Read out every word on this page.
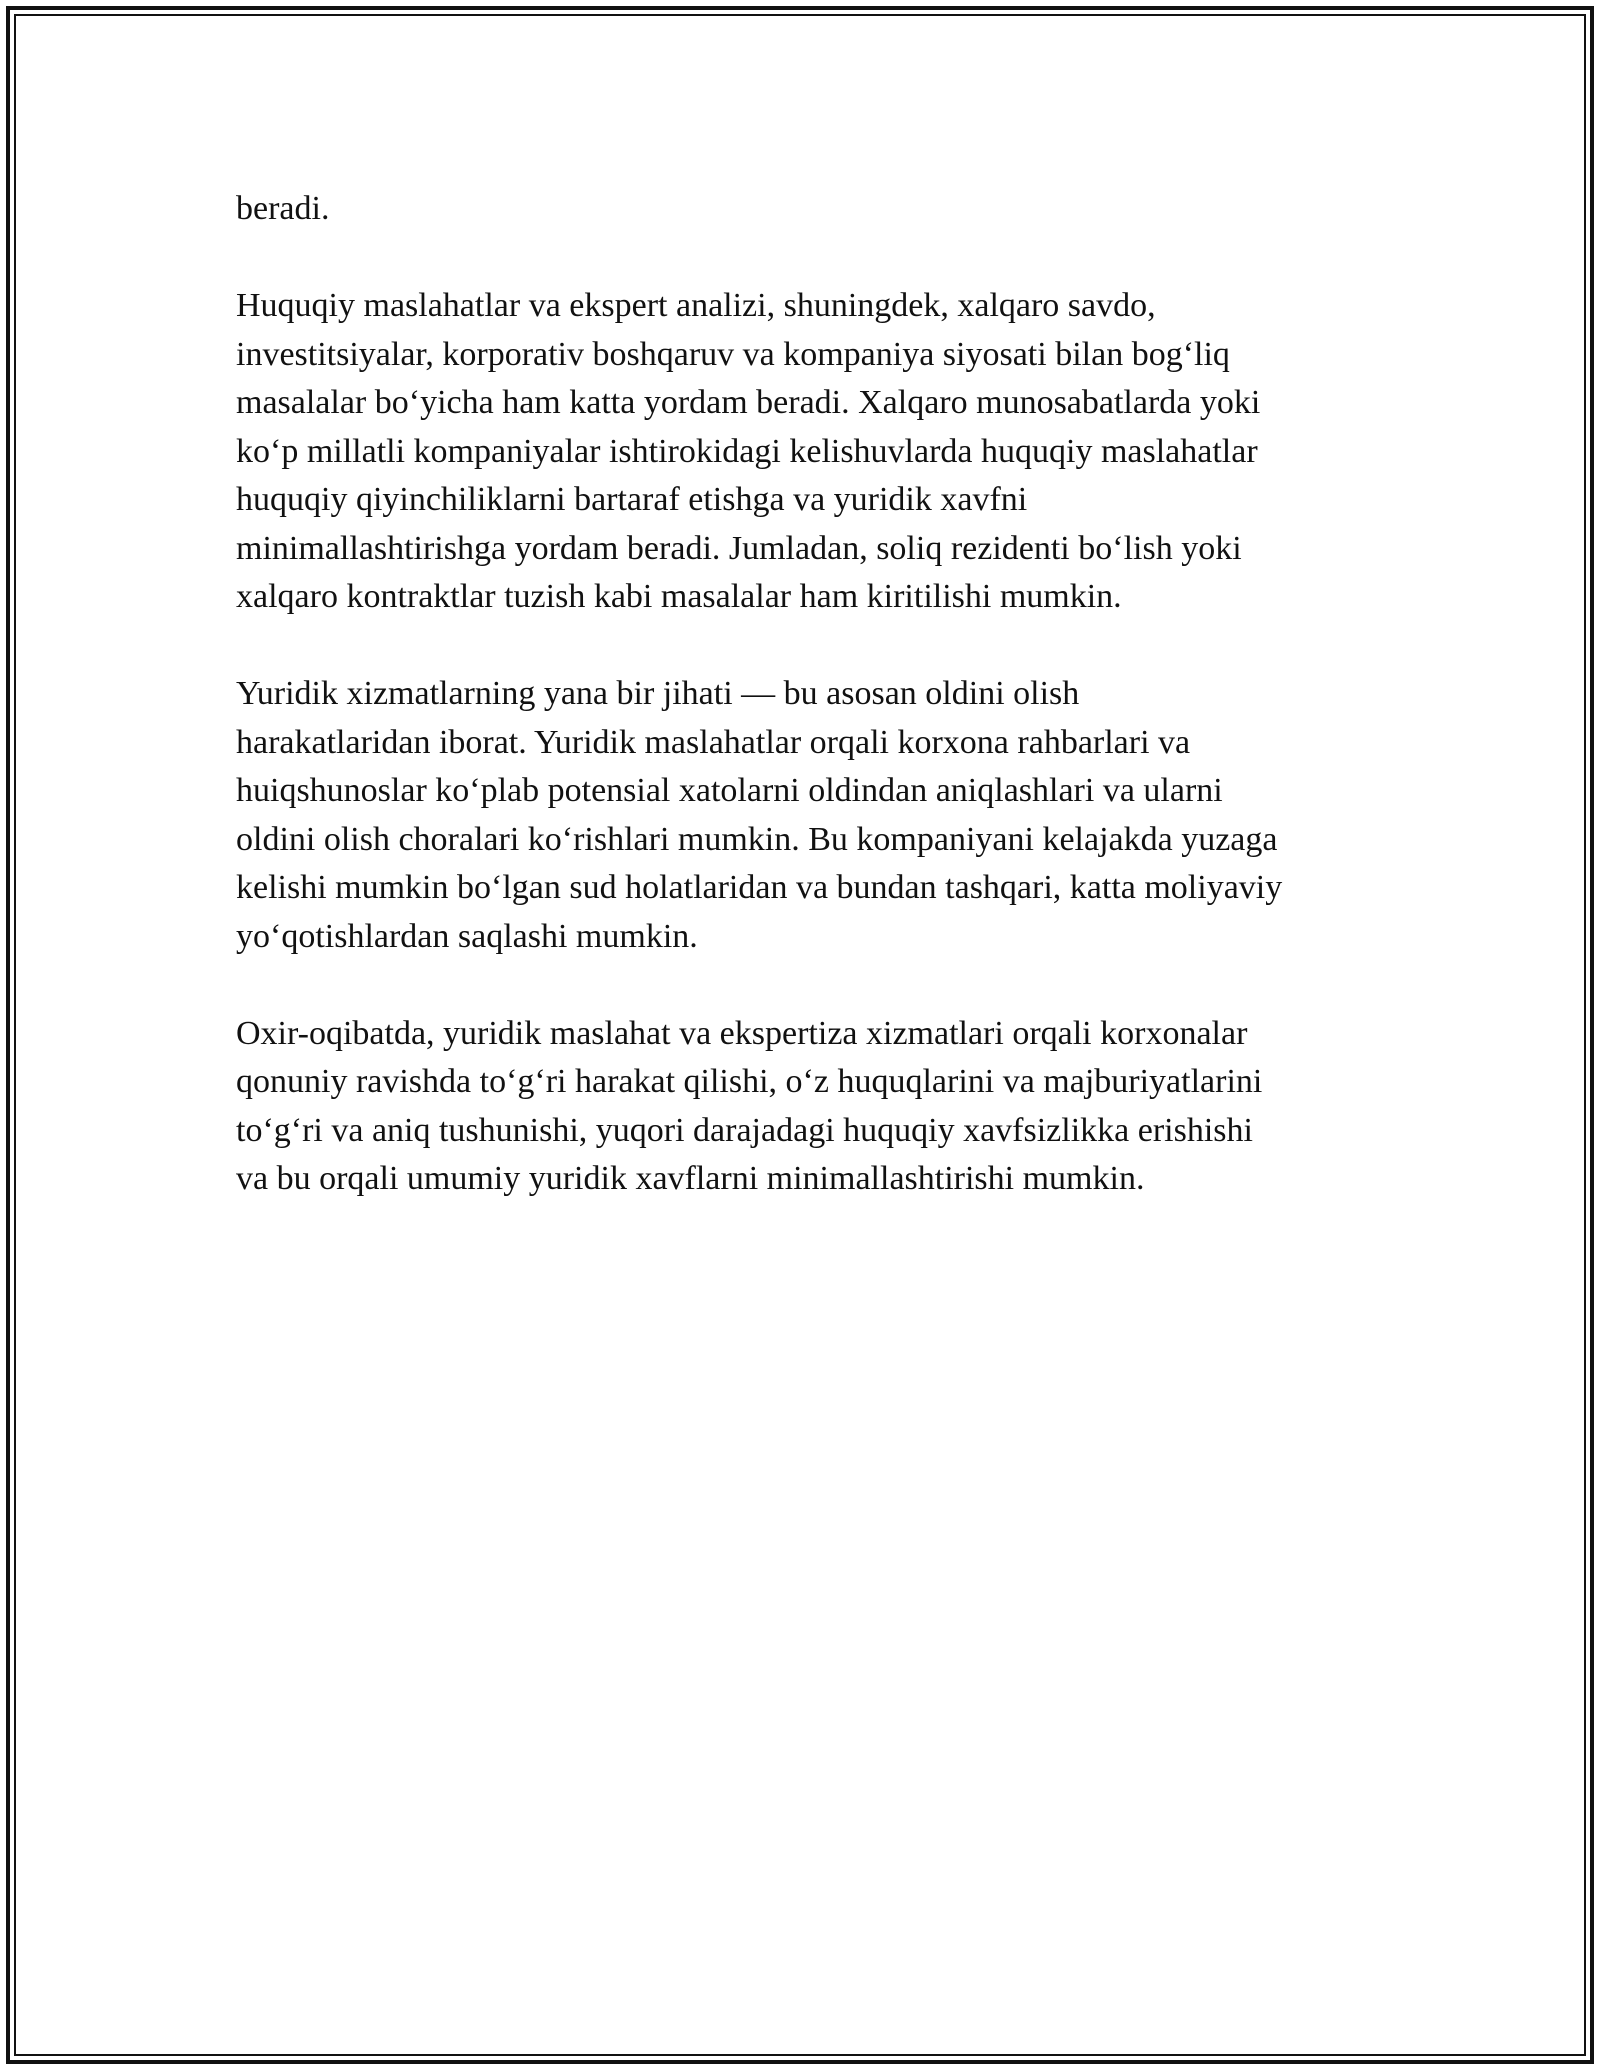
beradi.

Huquqiy maslahatlar va ekspert analizi, shuningdek, xalqaro savdo,
investitsiyalar, korporativ boshqaruv va kompaniya siyosati bilan bog‘liq
masalalar bo‘yicha ham katta yordam beradi. Xalqaro munosabatlarda yoki
ko‘p millatli kompaniyalar ishtirokidagi kelishuvlarda huquqiy maslahatlar
huquqiy qiyinchiliklarni bartaraf etishga va yuridik xavfni
minimallashtirishga yordam beradi. Jumladan, soliq rezidenti bo‘lish yoki
xalqaro kontraktlar tuzish kabi masalalar ham kiritilishi mumkin.

Yuridik xizmatlarning yana bir jihati — bu asosan oldini olish
harakatlaridan iborat. Yuridik maslahatlar orqali korxona rahbarlari va
huiqshunoslar ko‘plab potensial xatolarni oldindan aniqlashlari va ularni
oldini olish choralari ko‘rishlari mumkin. Bu kompaniyani kelajakda yuzaga
kelishi mumkin bo‘lgan sud holatlaridan va bundan tashqari, katta moliyaviy
yo‘qotishlardan saqlashi mumkin.

Oxir-oqibatda, yuridik maslahat va ekspertiza xizmatlari orqali korxonalar
qonuniy ravishda to‘g‘ri harakat qilishi, o‘z huquqlarini va majburiyatlarini
to‘g‘ri va aniq tushunishi, yuqori darajadagi huquqiy xavfsizlikka erishishi
va bu orqali umumiy yuridik xavflarni minimallashtirishi mumkin.
